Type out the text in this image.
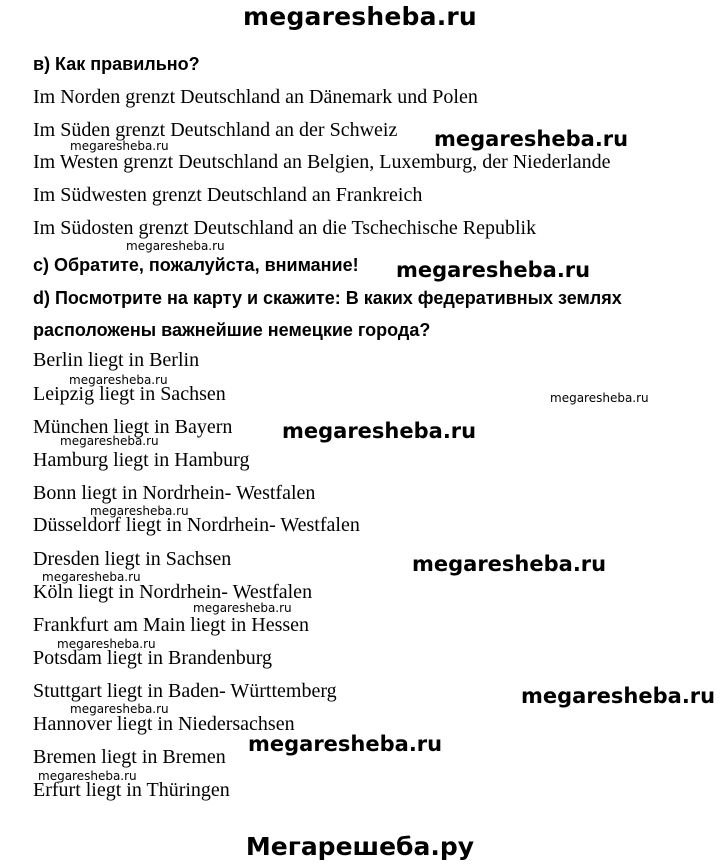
megaresheba.ru
в) Как правильно?
Im Norden grenzt Deutschland an Dänemark und Polen
Im Süden grenzt Deutschland an der Schweiz
Im Westen grenzt Deutschland an Belgien, Luxemburg, der Niederlande
Im Südwesten grenzt Deutschland an Frankreich
Im Südosten grenzt Deutschland an die Tschechische Republik
c) Обратите, пожалуйста, внимание!
d) Посмотрите на карту и скажите: В каких федеративных землях
расположены важнейшие немецкие города?
Berlin liegt in Berlin
Leipzig liegt in Sachsen
München liegt in Bayern
Hamburg liegt in Hamburg
Bonn liegt in Nordrhein- Westfalen
Düsseldorf liegt in Nordrhein- Westfalen
Dresden liegt in Sachsen
Köln liegt in Nordrhein- Westfalen
Frankfurt am Main liegt in Hessen
Potsdam liegt in Brandenburg
Stuttgart liegt in Baden- Württemberg
Hannover liegt in Niedersachsen
Bremen liegt in Bremen
Erfurt liegt in Thüringen
megaresheba.ru
megaresheba.ru
megaresheba.ru
megaresheba.ru
megaresheba.ru
megaresheba.ru
megaresheba.ru
megaresheba.ru
megaresheba.ru
megaresheba.ru
megaresheba.ru
megaresheba.ru
megaresheba.ru
megaresheba.ru
megaresheba.ru
megaresheba.ru
megaresheba.ru
Мегарешеба.ру
